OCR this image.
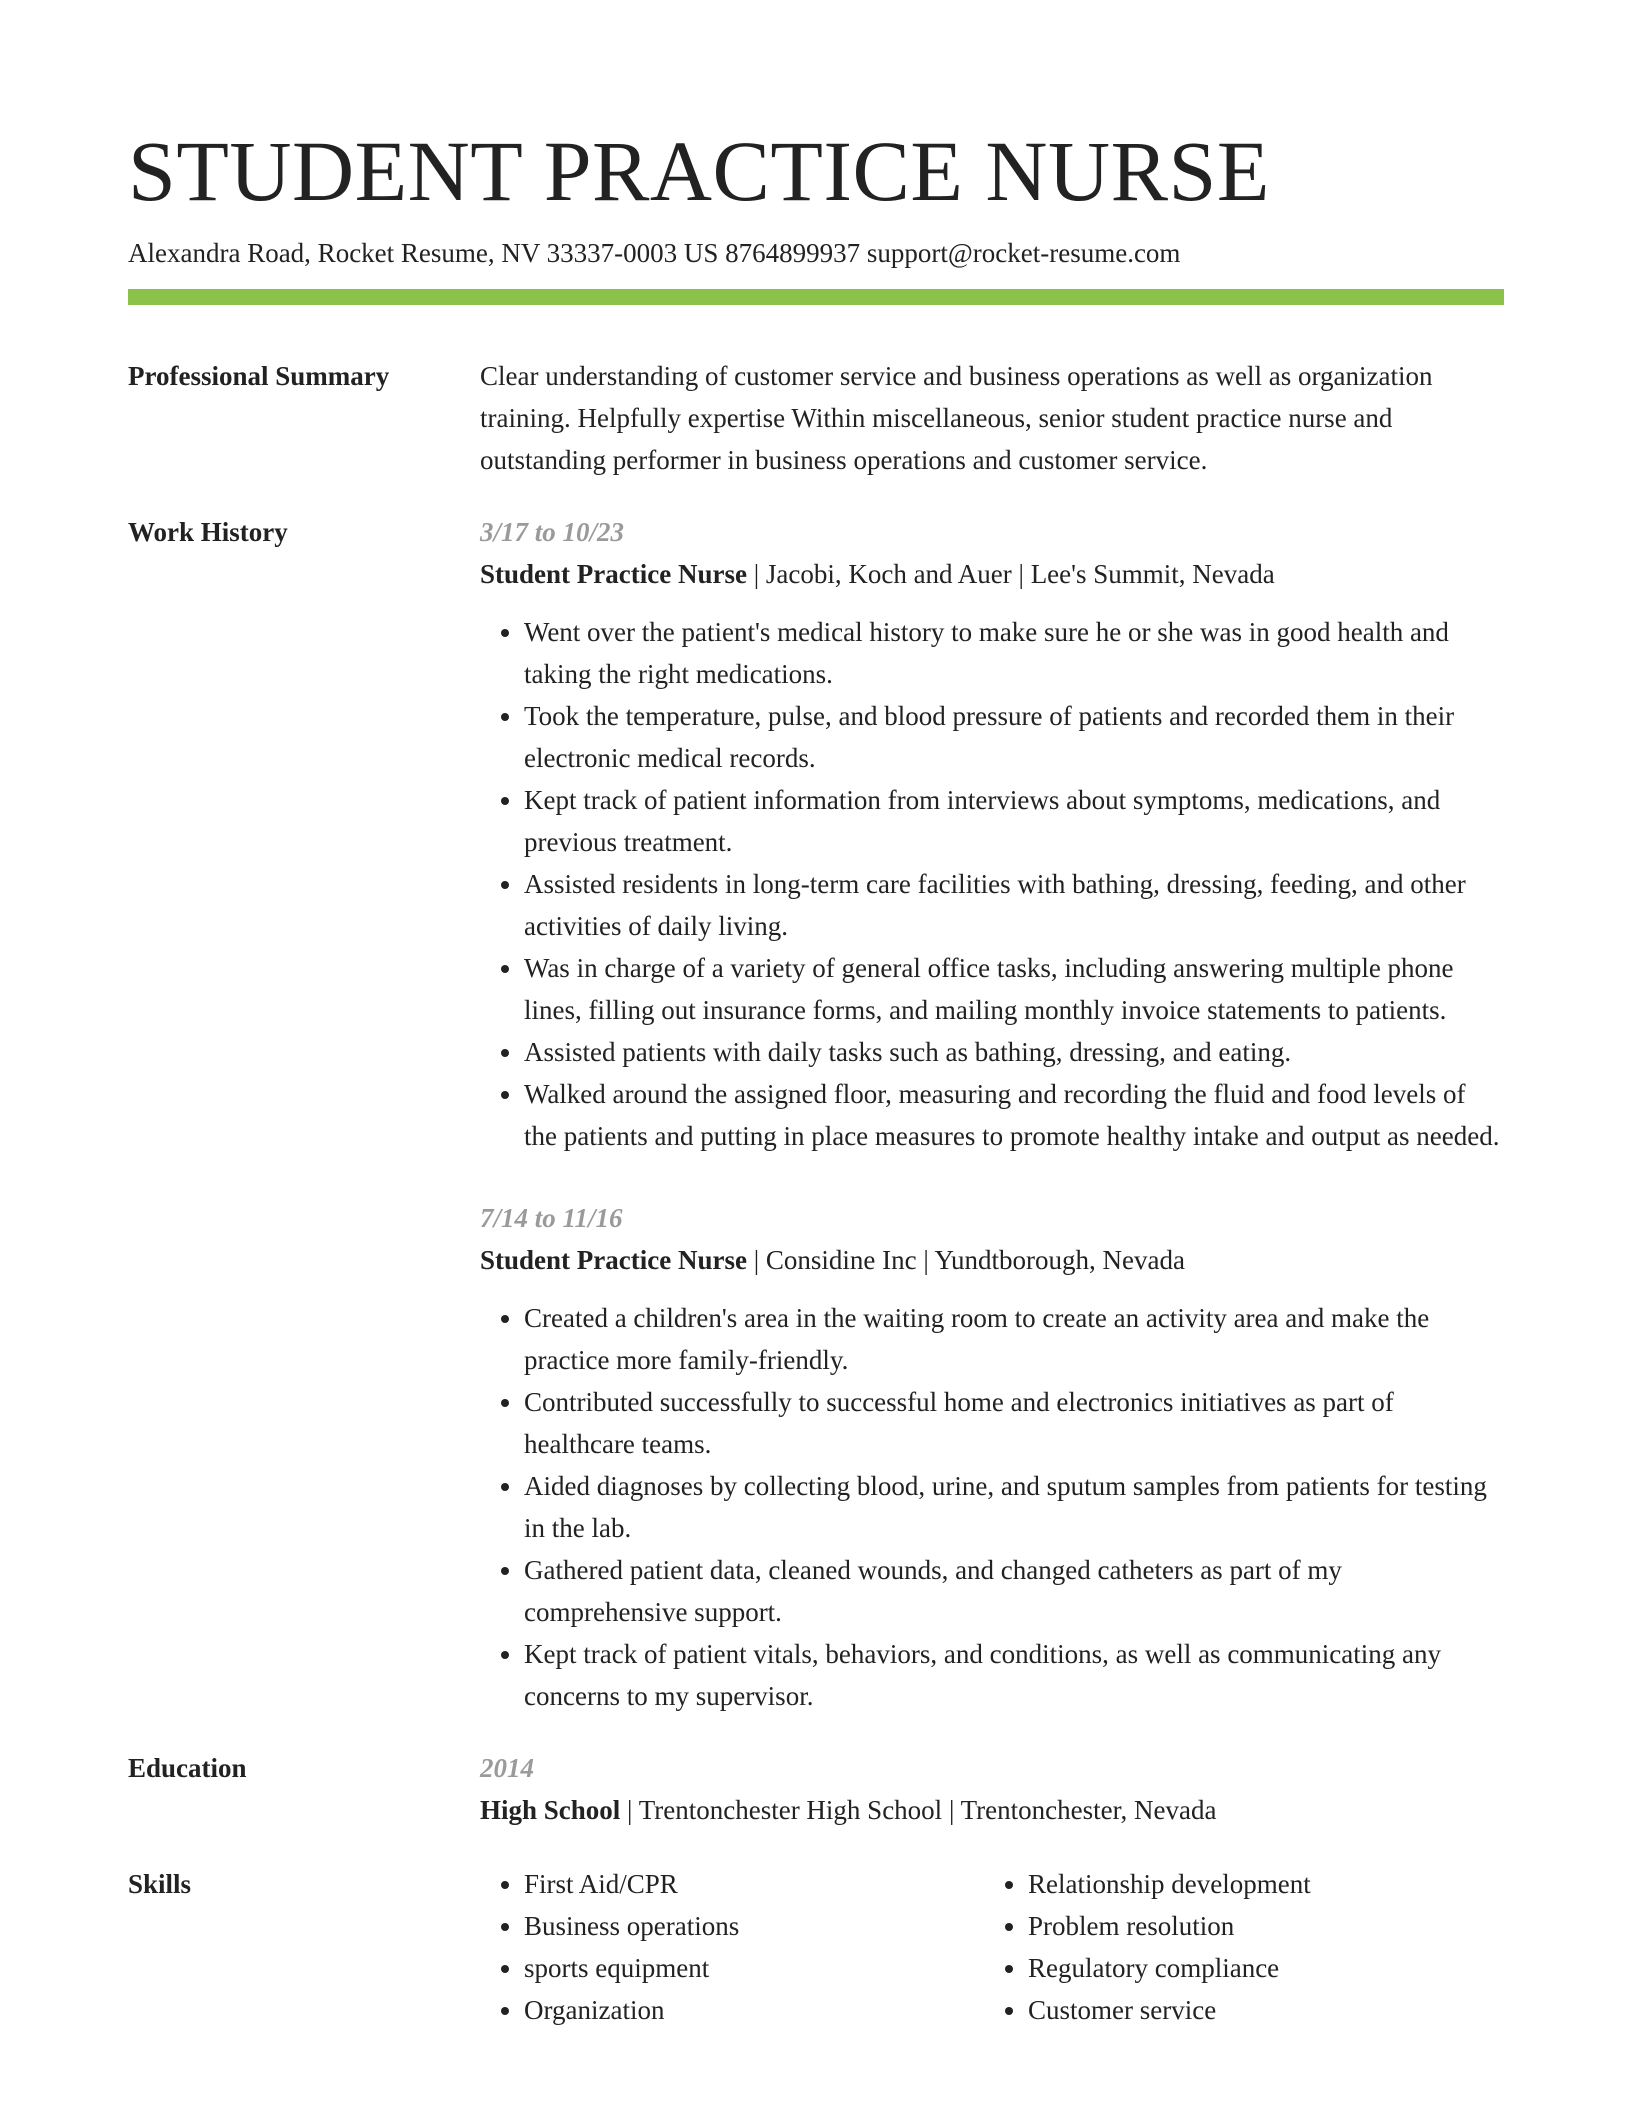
STUDENT PRACTICE NURSE
Alexandra Road, Rocket Resume, NV 33337-0003 US 8764899937 support@rocket-resume.com
Professional Summary	Clear understanding of customer service and business operations as well as organization training. Helpfully expertise Within miscellaneous, senior student practice nurse and outstanding performer in business operations and customer service.

Work History	3/17 to 10/23
Student Practice Nurse | Jacobi, Koch and Auer | Lee's Summit, Nevada
• Went over the patient's medical history to make sure he or she was in good health and taking the right medications.
• Took the temperature, pulse, and blood pressure of patients and recorded them in their electronic medical records.
• Kept track of patient information from interviews about symptoms, medications, and previous treatment.
• Assisted residents in long-term care facilities with bathing, dressing, feeding, and other activities of daily living.
• Was in charge of a variety of general office tasks, including answering multiple phone lines, filling out insurance forms, and mailing monthly invoice statements to patients.
• Assisted patients with daily tasks such as bathing, dressing, and eating.
• Walked around the assigned floor, measuring and recording the fluid and food levels of the patients and putting in place measures to promote healthy intake and output as needed.
7/14 to 11/16
Student Practice Nurse | Considine Inc | Yundtborough, Nevada
• Created a children's area in the waiting room to create an activity area and make the practice more family-friendly.
• Contributed successfully to successful home and electronics initiatives as part of healthcare teams.
• Aided diagnoses by collecting blood, urine, and sputum samples from patients for testing in the lab.
• Gathered patient data, cleaned wounds, and changed catheters as part of my comprehensive support.
• Kept track of patient vitals, behaviors, and conditions, as well as communicating any concerns to my supervisor.
Education	2014
High School | Trentonchester High School | Trentonchester, Nevada
Skills
•	First Aid/CPR
• Business operations
• sports equipment
• Organization
• Relationship development
• Problem resolution
• Regulatory compliance
• Customer service
